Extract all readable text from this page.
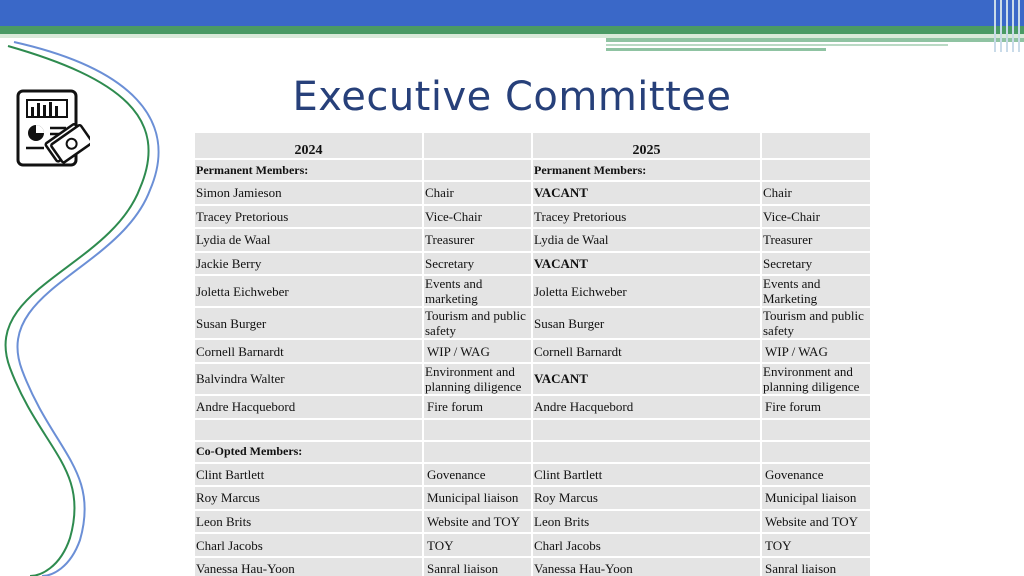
Executive Committee
2024		2025	
Permanent Members:		Permanent Members:	
Simon Jamieson	Chair	VACANT	Chair
Tracey Pretorious	Vice-Chair	Tracey Pretorious	Vice-Chair
Lydia de Waal	Treasurer	Lydia de Waal	Treasurer
Jackie Berry	Secretary	VACANT	Secretary
Joletta Eichweber	Events and marketing	Joletta Eichweber	Events and Marketing
Susan Burger	Tourism and public safety	Susan Burger	Tourism and public safety
Cornell Barnardt	WIP / WAG	Cornell Barnardt	WIP / WAG
Balvindra Walter	Environment and planning diligence	VACANT	Environment and planning diligence
Andre Hacquebord	Fire forum	Andre Hacquebord	Fire forum

Co-Opted Members:			
Clint Bartlett	Govenance	Clint Bartlett	Govenance
Roy Marcus	Municipal liaison	Roy Marcus	Municipal liaison
Leon Brits	Website and TOY	Leon Brits	Website and TOY
Charl Jacobs	TOY	Charl Jacobs	TOY
Vanessa Hau-Yoon	Sanral liaison	Vanessa Hau-Yoon	Sanral liaison
